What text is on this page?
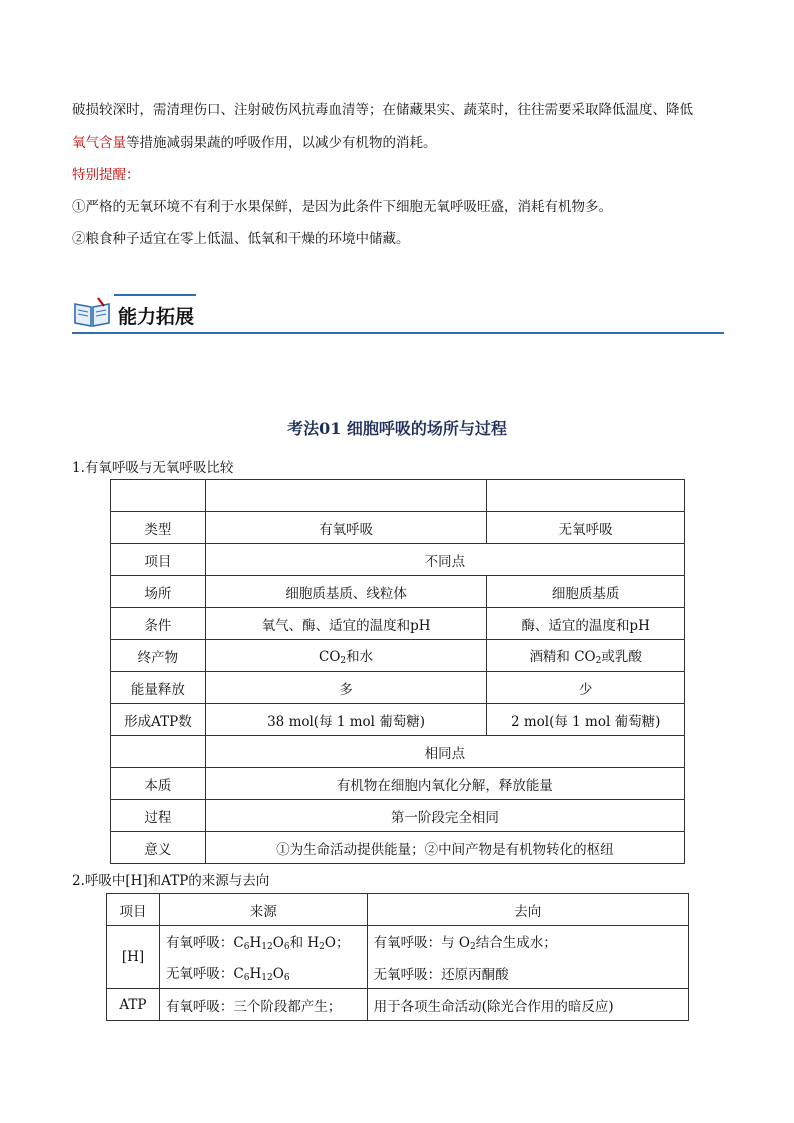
破损较深时，需清理伤口、注射破伤风抗毒血清等；在储藏果实、蔬菜时，往往需要采取降低温度、降低
氧气含量等措施减弱果蔬的呼吸作用，以减少有机物的消耗。
特别提醒：
①严格的无氧环境不有利于水果保鲜，是因为此条件下细胞无氧呼吸旺盛，消耗有机物多。
②粮食种子适宜在零上低温、低氧和干燥的环境中储藏。
能力拓展
考法01 细胞呼吸的场所与过程
1.有氧呼吸与无氧呼吸比较

类型	有氧呼吸	无氧呼吸
项目	不同点	
场所	细胞质基质、线粒体	细胞质基质
条件	氧气、酶、适宜的温度和pH	酶、适宜的温度和pH
终产物	$CO_2$和水	酒精和 $CO_2$或乳酸
能量释放	多	少
形成ATP数	38 mol(每 1 mol 葡萄糖)	2 mol(每 1 mol 葡萄糖)
	相同点	
本质	有机物在细胞内氧化分解，释放能量	
过程	第一阶段完全相同	
意义	①为生命活动提供能量；②中间产物是有机物转化的枢纽	
2.呼吸中[H]和ATP的来源与去向
项目	来源	去向
[H]	有氧呼吸：$C_6H_{12}O_6$和 $H_2O$；	有氧呼吸：与 $O_2$结合生成水；
	无氧呼吸：$C_6H_{12}O_6$	无氧呼吸：还原丙酮酸
ATP	有氧呼吸：三个阶段都产生；	用于各项生命活动(除光合作用的暗反应)
